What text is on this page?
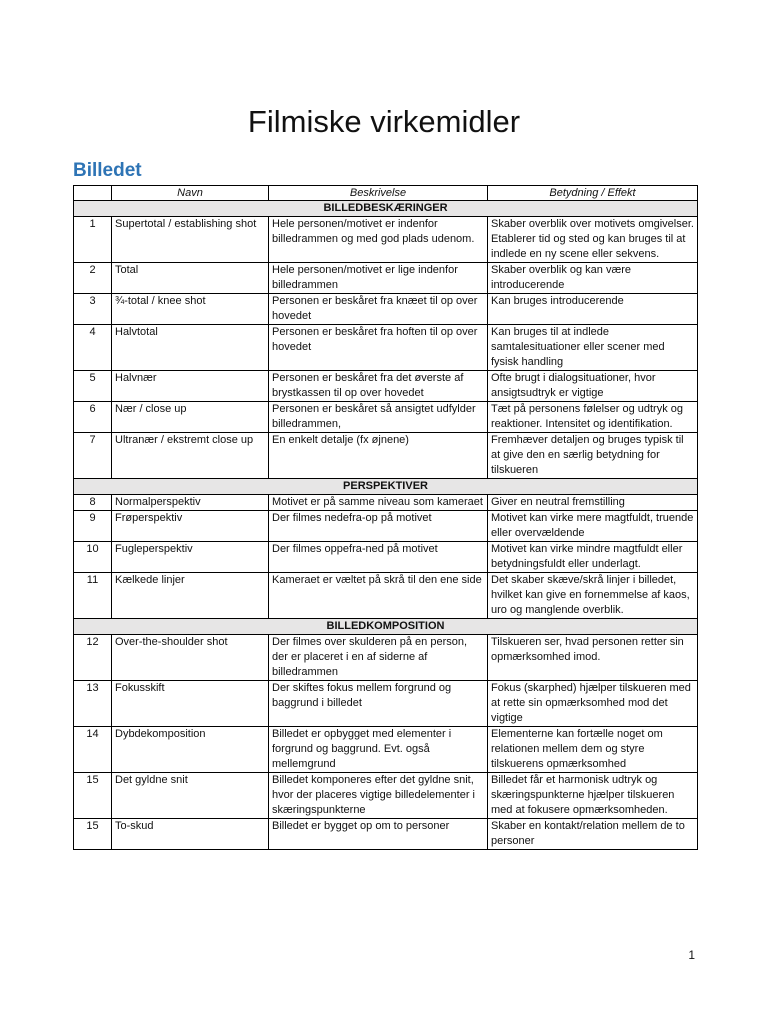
Filmiske virkemidler
Billedet
	Navn	Beskrivelse	Betydning / Effekt
BILLEDBESKÆRINGER			
1	Supertotal / establishing shot	Hele personen/motivet er indenfor billedrammen og med god plads udenom.	Skaber overblik over motivets omgivelser. Etablerer tid og sted og kan bruges til at indlede en ny scene eller sekvens.
2	Total	Hele personen/motivet er lige indenfor billedrammen	Skaber overblik og kan være introducerende
3	¾-total / knee shot	Personen er beskåret fra knæet til op over hovedet	Kan bruges introducerende
4	Halvtotal	Personen er beskåret fra hoften til op over hovedet	Kan bruges til at indlede samtalesituationer eller scener med fysisk handling
5	Halvnær	Personen er beskåret fra det øverste af brystkassen til op over hovedet	Ofte brugt i dialogsituationer, hvor ansigtsudtryk er vigtige
6	Nær / close up	Personen er beskåret så ansigtet udfylder billedrammen,	Tæt på personens følelser og udtryk og reaktioner. Intensitet og identifikation.
7	Ultranær / ekstremt close up	En enkelt detalje (fx øjnene)	Fremhæver detaljen og bruges typisk til at give den en særlig betydning for tilskueren
PERSPEKTIVER			
8	Normalperspektiv	Motivet er på samme niveau som kameraet	Giver en neutral fremstilling
9	Frøperspektiv	Der filmes nedefra-op på motivet	Motivet kan virke mere magtfuldt, truende eller overvældende
10	Fugleperspektiv	Der filmes oppefra-ned på motivet	Motivet kan virke mindre magtfuldt eller betydningsfuldt eller underlagt.
11	Kælkede linjer	Kameraet er væltet på skrå til den ene side	Det skaber skæve/skrå linjer i billedet, hvilket kan give en fornemmelse af kaos, uro og manglende overblik.
BILLEDKOMPOSITION			
12	Over-the-shoulder shot	Der filmes over skulderen på en person, der er placeret i en af siderne af billedrammen	Tilskueren ser, hvad personen retter sin opmærksomhed imod.
13	Fokusskift	Der skiftes fokus mellem forgrund og baggrund i billedet	Fokus (skarphed) hjælper tilskueren med at rette sin opmærksomhed mod det vigtige
14	Dybdekomposition	Billedet er opbygget med elementer i forgrund og baggrund. Evt. også mellemgrund	Elementerne kan fortælle noget om relationen mellem dem og styre tilskuerens opmærksomhed
15	Det gyldne snit	Billedet komponeres efter det gyldne snit, hvor der placeres vigtige billedelementer i skæringspunkterne	Billedet får et harmonisk udtryk og skæringspunkterne hjælper tilskueren med at fokusere opmærksomheden.
15	To-skud	Billedet er bygget op om to personer	Skaber en kontakt/relation mellem de to personer
1
